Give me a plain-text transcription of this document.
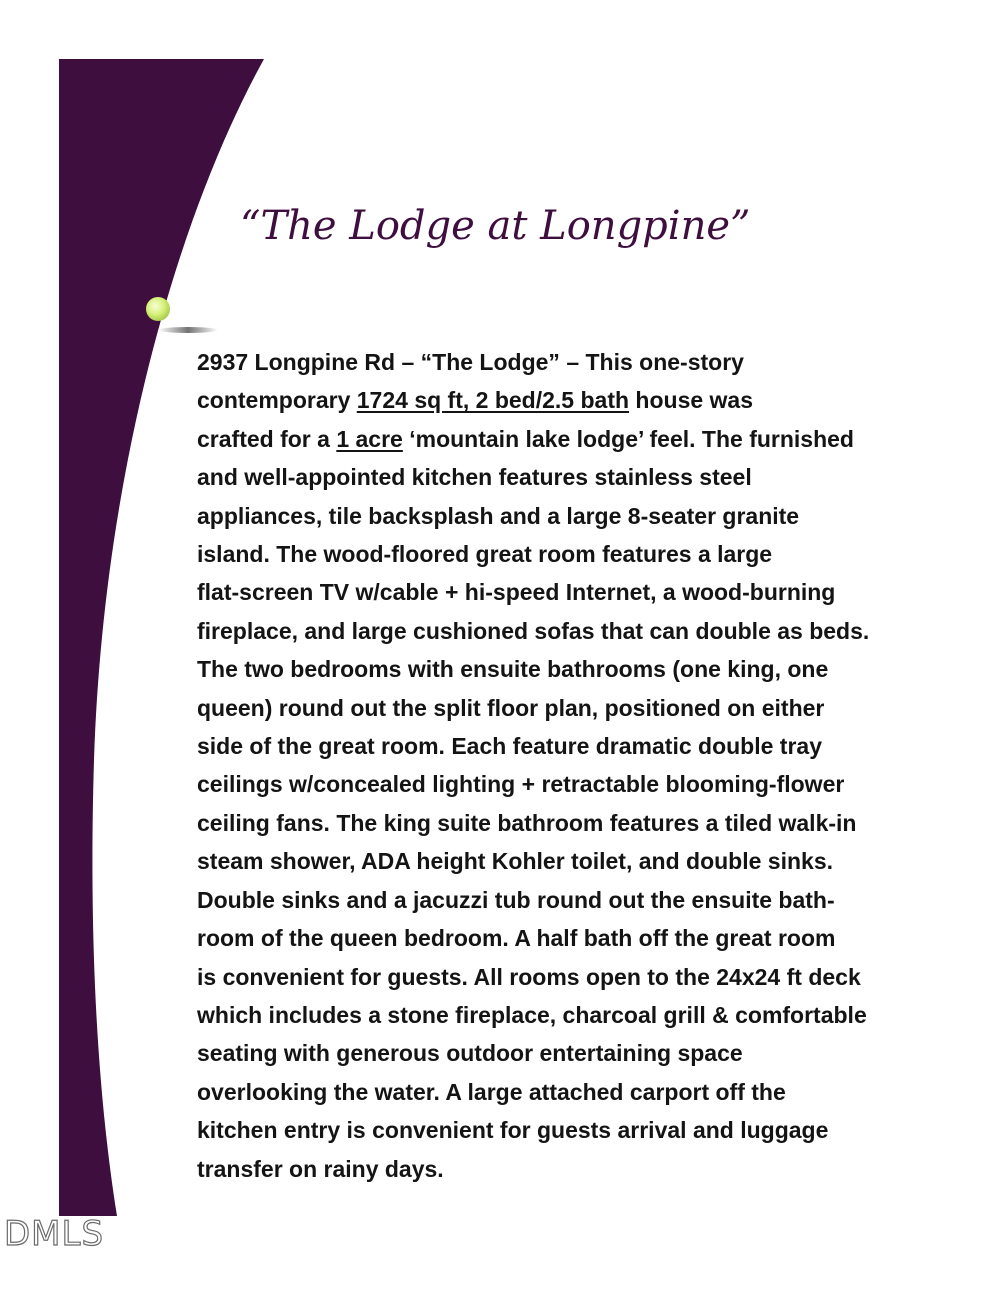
“The Lodge at Longpine”
2937 Longpine Rd – “The Lodge” – This one-story
contemporary 1724 sq ft, 2 bed/2.5 bath house was
crafted for a 1 acre ‘mountain lake lodge’ feel. The furnished
and well-appointed kitchen features stainless steel
appliances, tile backsplash and a large 8-seater granite
island. The wood-floored great room features a large
flat-screen TV w/cable + hi-speed Internet, a wood-burning
fireplace, and large cushioned sofas that can double as beds.
The two bedrooms with ensuite bathrooms (one king, one
queen) round out the split floor plan, positioned on either
side of the great room. Each feature dramatic double tray
ceilings w/concealed lighting + retractable blooming-flower
ceiling fans. The king suite bathroom features a tiled walk-in
steam shower, ADA height Kohler toilet, and double sinks.
Double sinks and a jacuzzi tub round out the ensuite bath-
room of the queen bedroom. A half bath off the great room
is convenient for guests. All rooms open to the 24x24 ft deck
which includes a stone fireplace, charcoal grill & comfortable
seating with generous outdoor entertaining space
overlooking the water. A large attached carport off the
kitchen entry is convenient for guests arrival and luggage
transfer on rainy days.
DMLS
